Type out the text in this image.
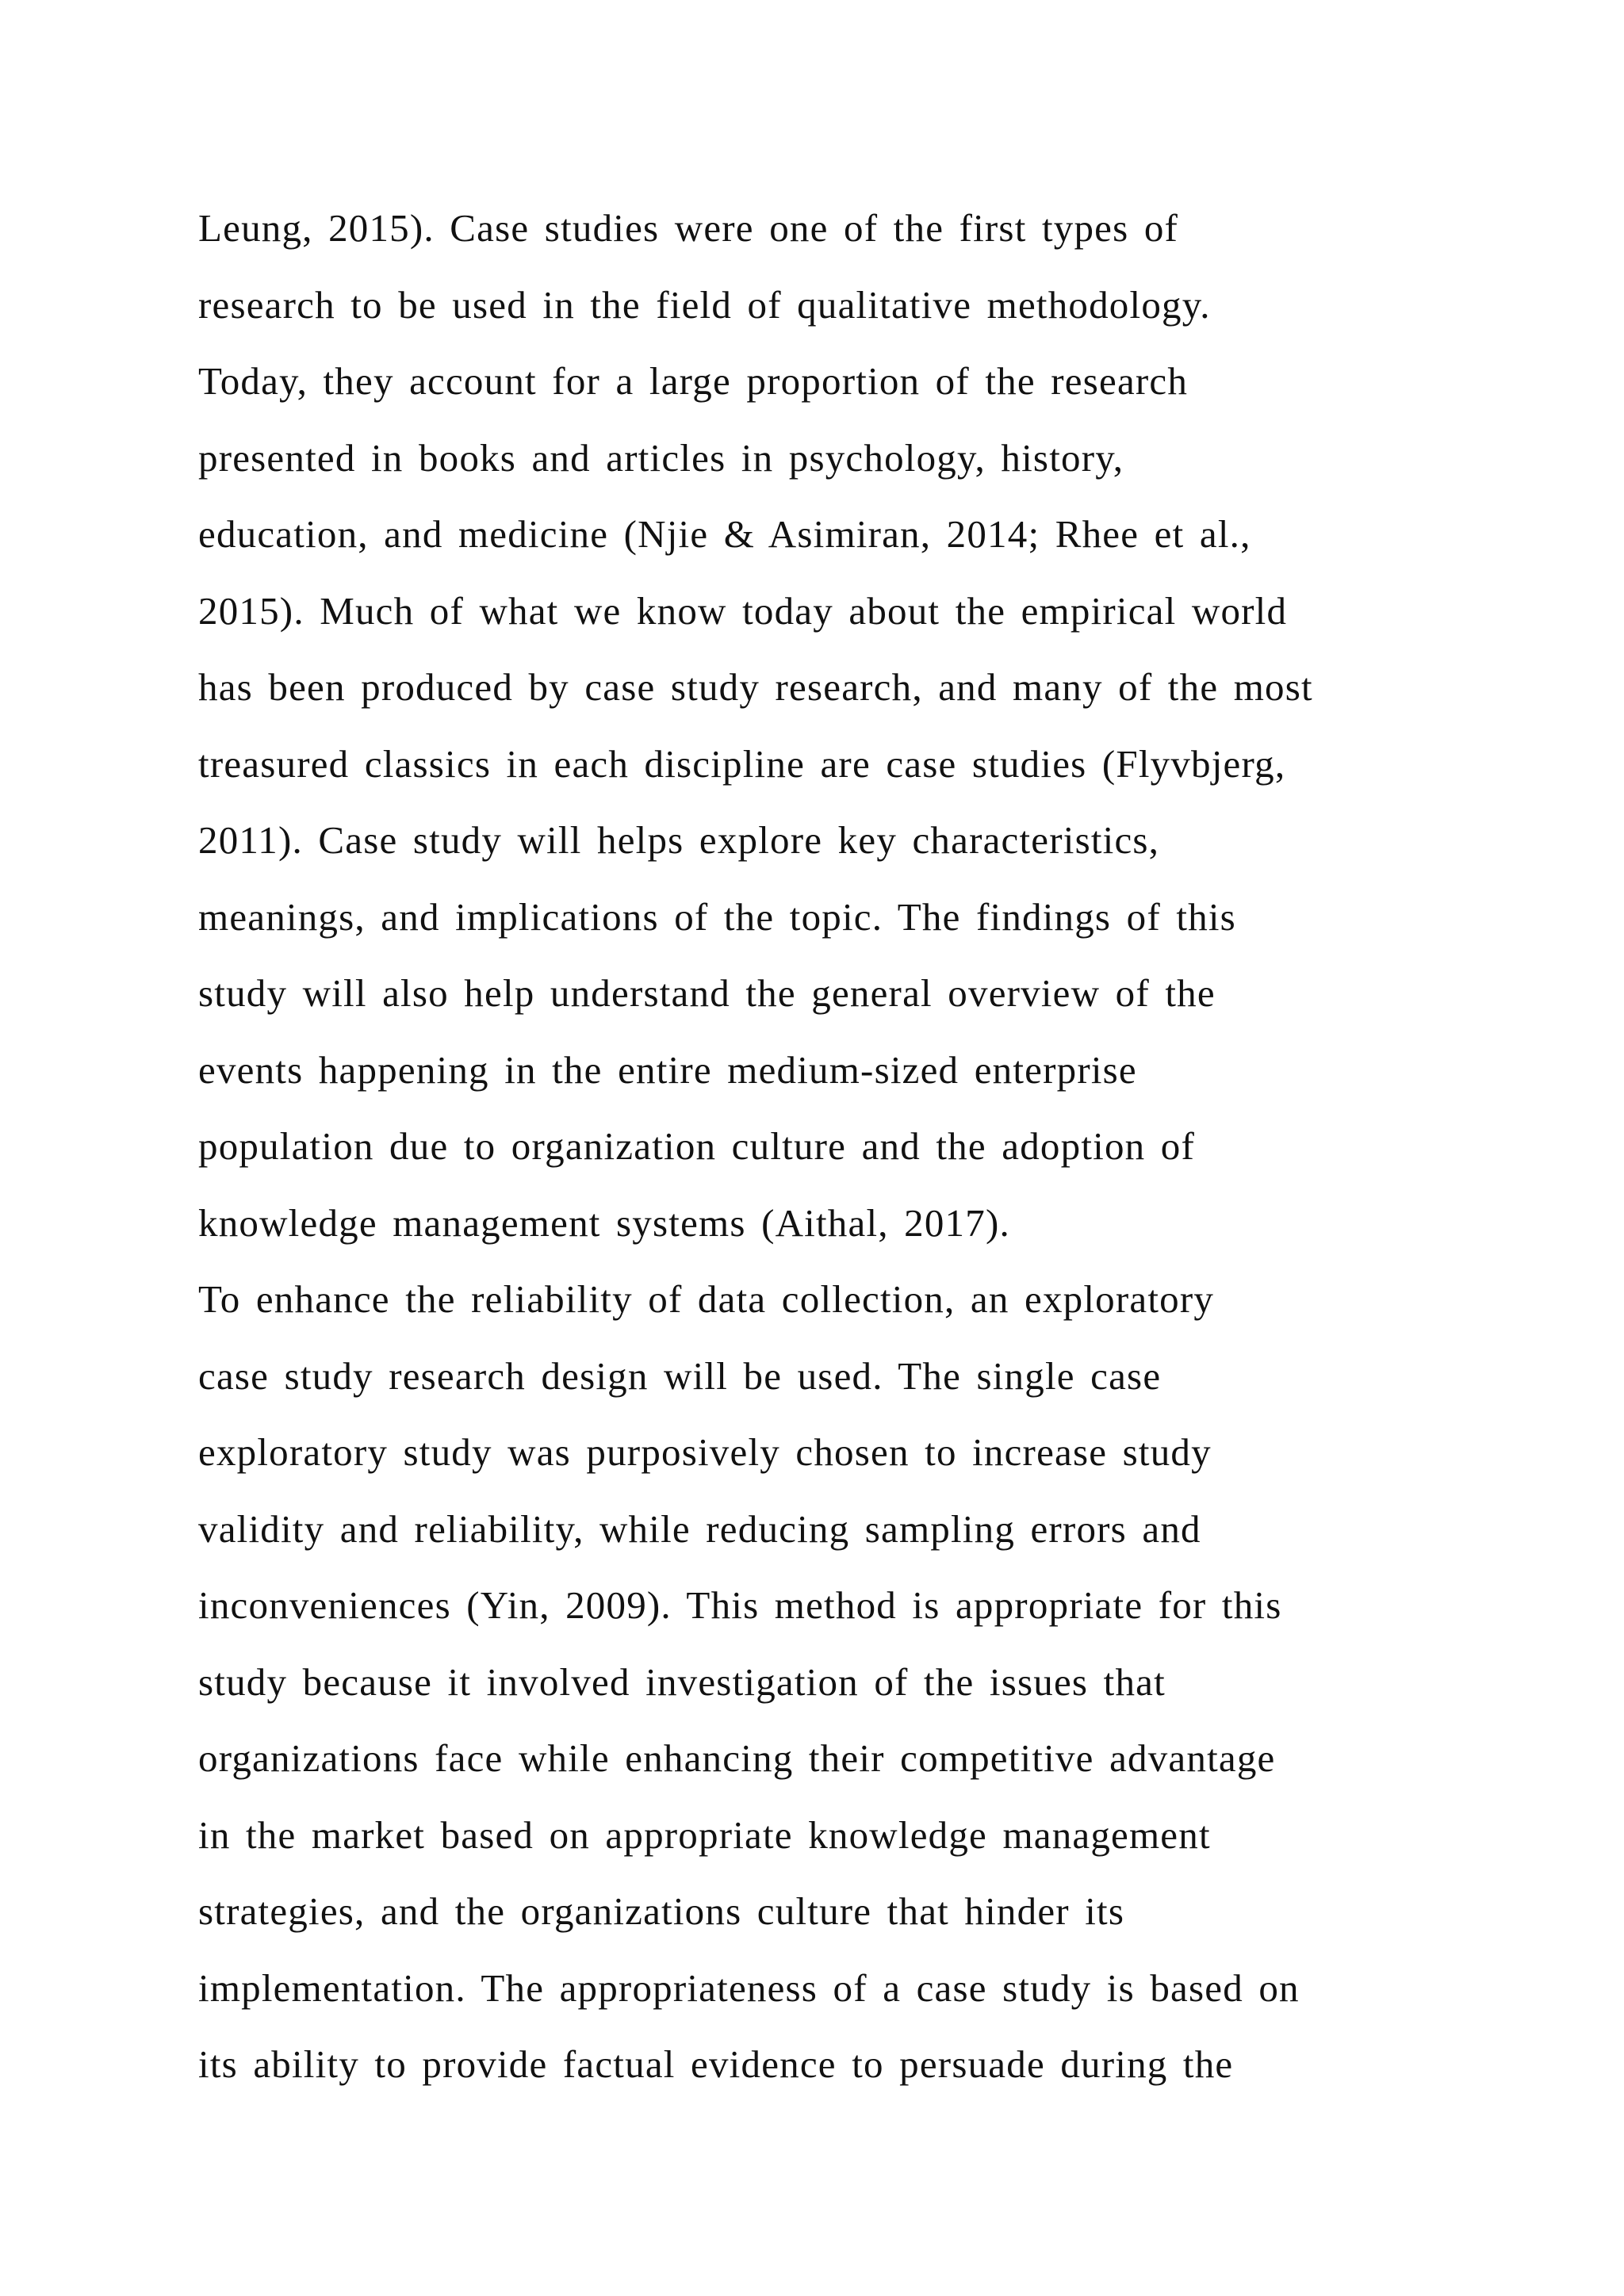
Leung, 2015). Case studies were one of the first types of
research to be used in the field of qualitative methodology.
Today, they account for a large proportion of the research
presented in books and articles in psychology, history,
education, and medicine (Njie & Asimiran, 2014; Rhee et al.,
2015). Much of what we know today about the empirical world
has been produced by case study research, and many of the most
treasured classics in each discipline are case studies (Flyvbjerg,
2011). Case study will helps explore key characteristics,
meanings, and implications of the topic. The findings of this
study will also help understand the general overview of the
events happening in the entire medium-sized enterprise
population due to organization culture and the adoption of
knowledge management systems (Aithal, 2017).
To enhance the reliability of data collection, an exploratory
case study research design will be used. The single case
exploratory study was purposively chosen to increase study
validity and reliability, while reducing sampling errors and
inconveniences (Yin, 2009). This method is appropriate for this
study because it involved investigation of the issues that
organizations face while enhancing their competitive advantage
in the market based on appropriate knowledge management
strategies, and the organizations culture that hinder its
implementation. The appropriateness of a case study is based on
its ability to provide factual evidence to persuade during the
